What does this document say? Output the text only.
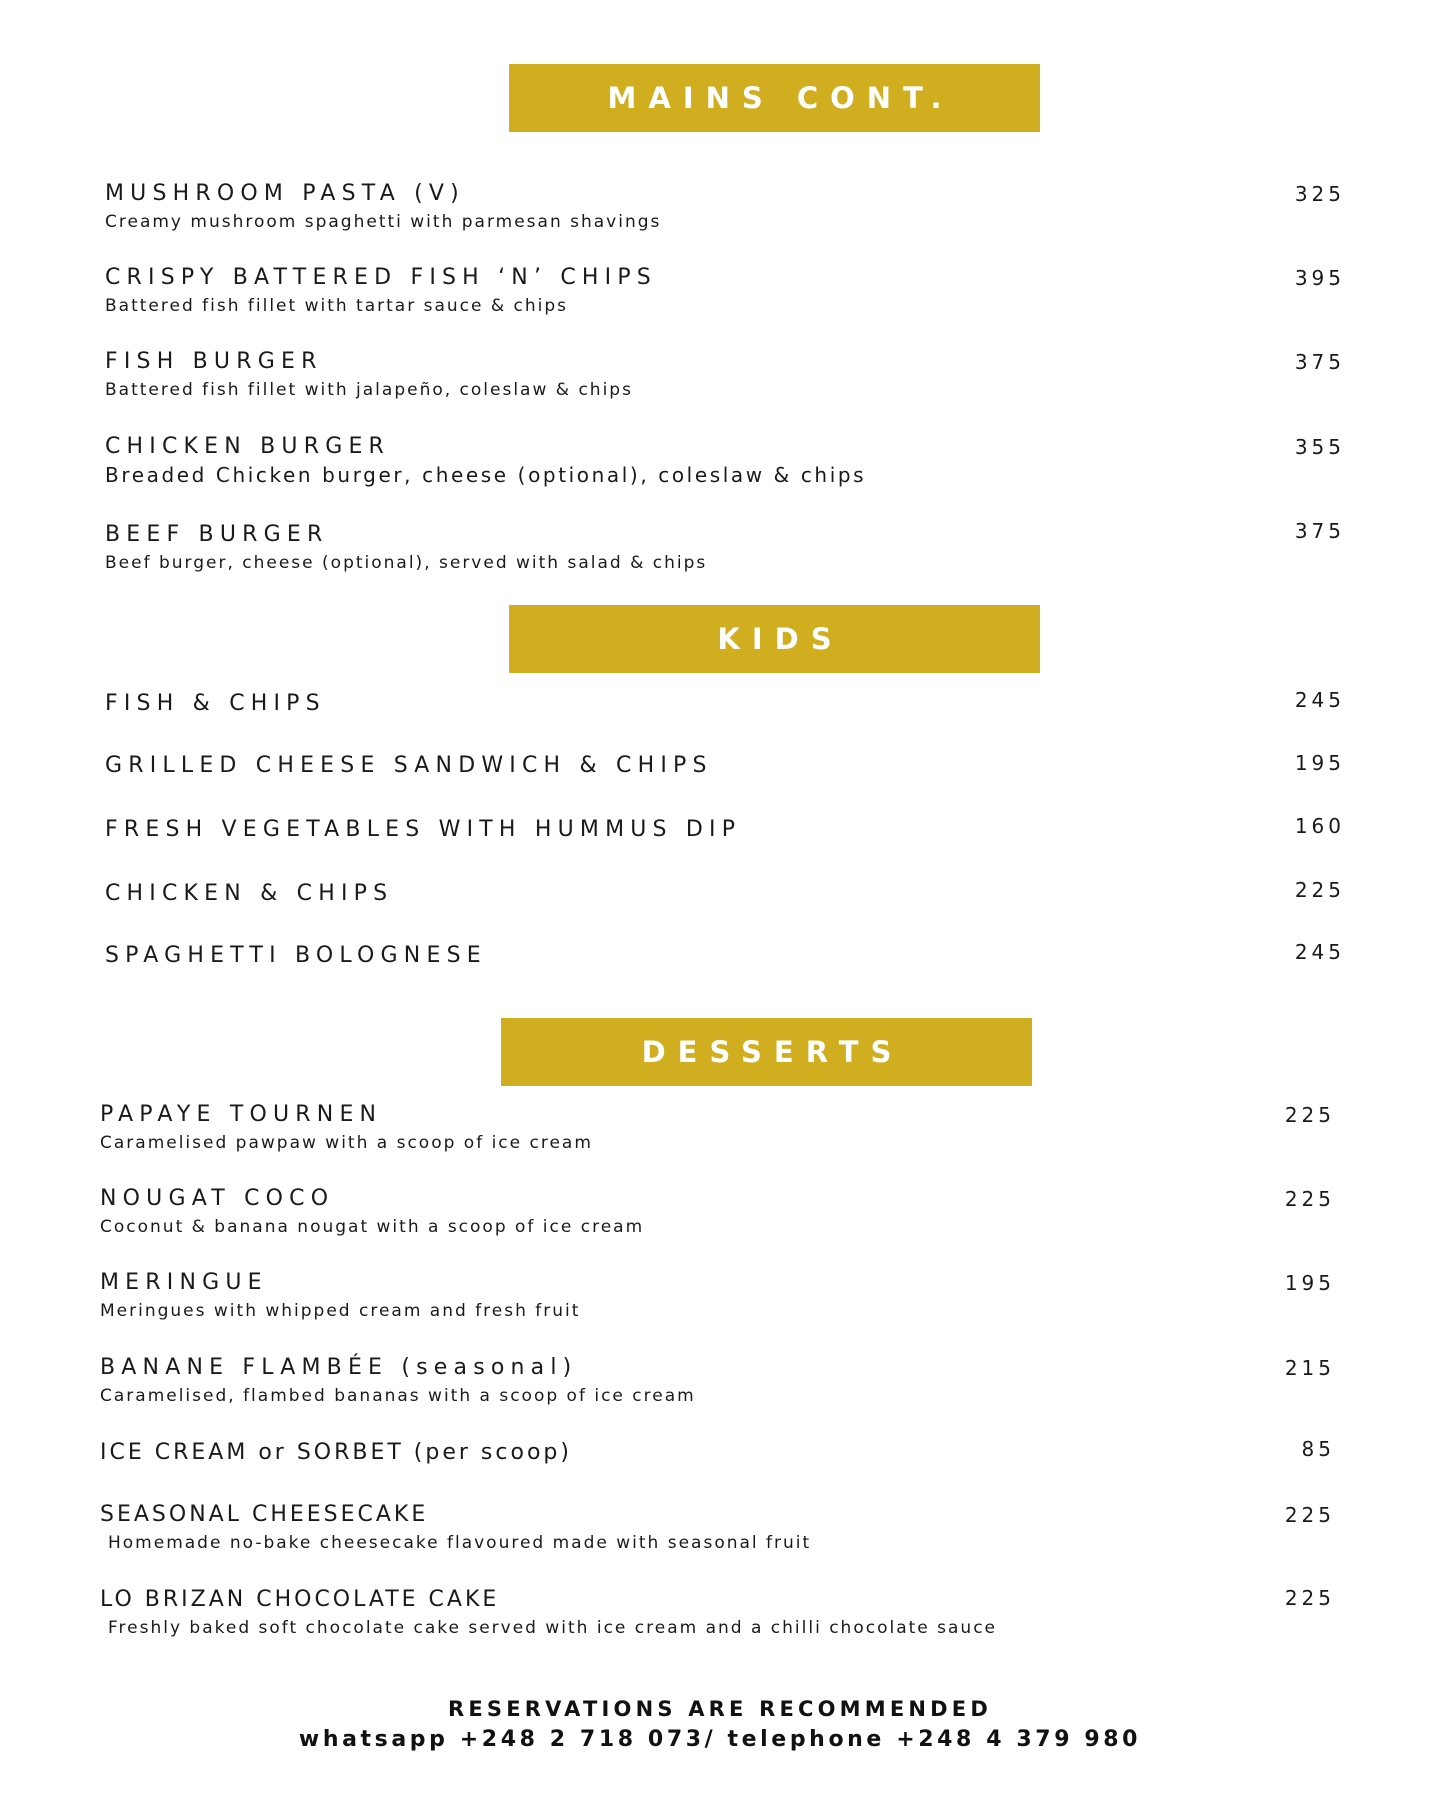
MAINS CONT.
MUSHROOM PASTA (V)
Creamy mushroom spaghetti with parmesan shavings
325
CRISPY BATTERED FISH ‘N’ CHIPS
Battered fish fillet with tartar sauce & chips
395
FISH BURGER
Battered fish fillet with jalapeño, coleslaw & chips
375
CHICKEN BURGER
Breaded Chicken burger, cheese (optional), coleslaw & chips
355
BEEF BURGER
Beef burger, cheese (optional), served with salad & chips
375
KIDS
FISH & CHIPS	245
GRILLED CHEESE SANDWICH & CHIPS	195
FRESH VEGETABLES WITH HUMMUS DIP	160
CHICKEN & CHIPS	225
SPAGHETTI BOLOGNESE	245
DESSERTS
PAPAYE TOURNEN
Caramelised pawpaw with a scoop of ice cream
225
NOUGAT COCO
Coconut & banana nougat with a scoop of ice cream
225
MERINGUE
Meringues with whipped cream and fresh fruit
195
BANANE FLAMBÉE (seasonal)
Caramelised, flambed bananas with a scoop of ice cream
215
ICE CREAM or SORBET (per scoop)	85
SEASONAL CHEESECAKE
Homemade no-bake cheesecake flavoured made with seasonal fruit
225
LO BRIZAN CHOCOLATE CAKE
Freshly baked soft chocolate cake served with ice cream and a chilli chocolate sauce
225
RESERVATIONS ARE RECOMMENDED
whatsapp +248 2 718 073/ telephone +248 4 379 980
